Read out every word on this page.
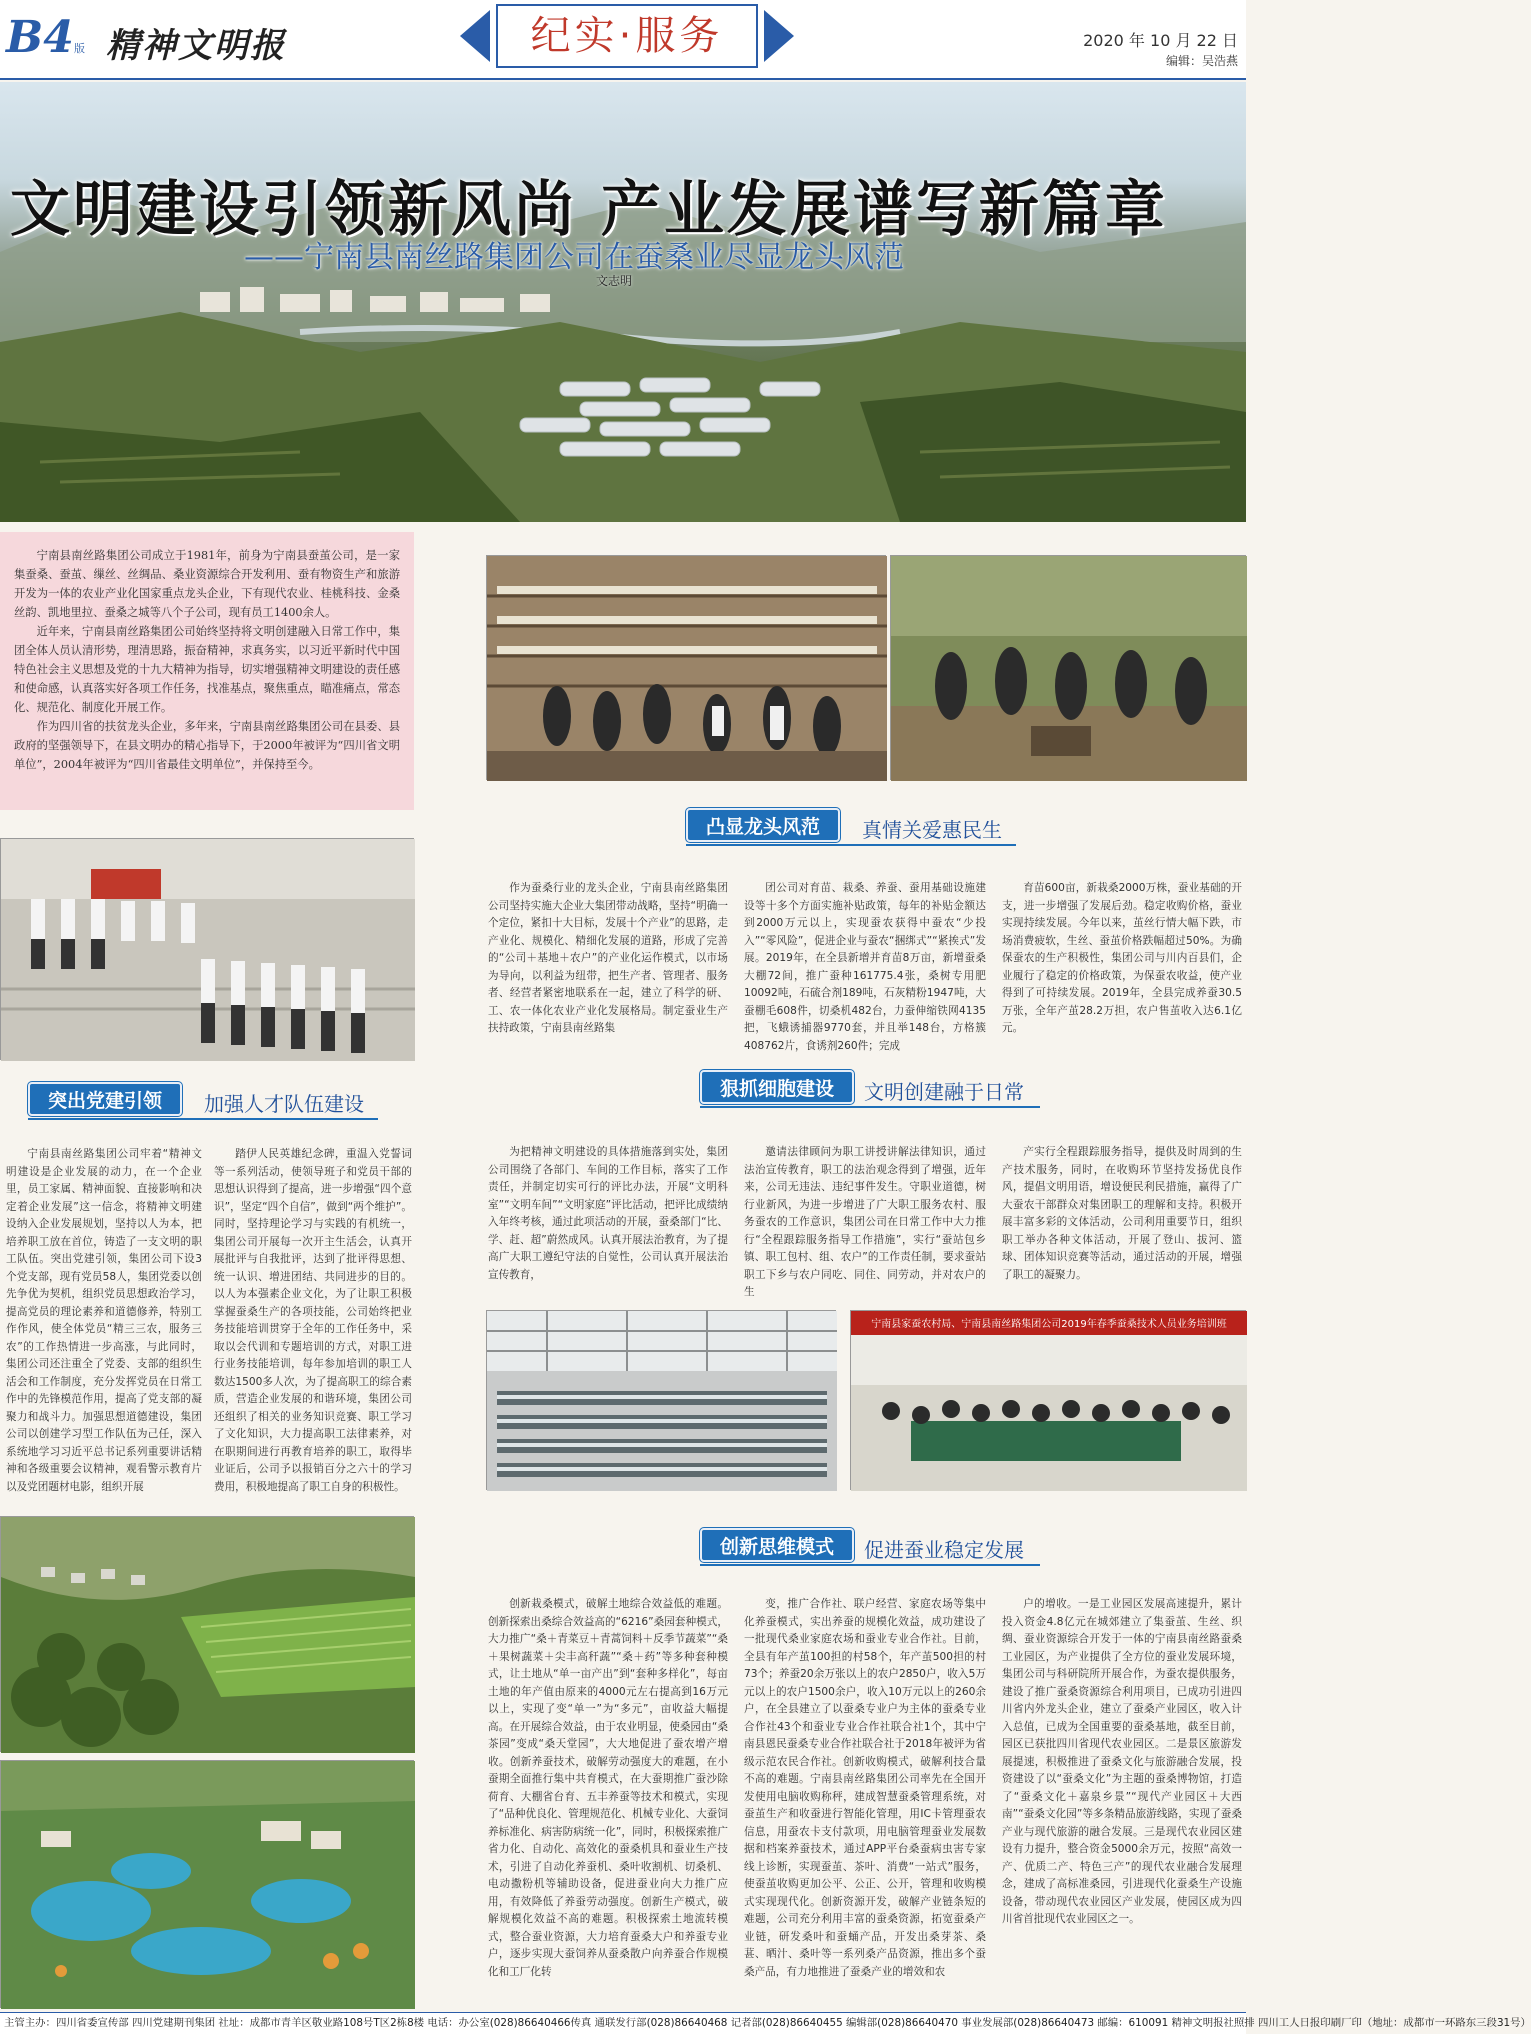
B4 版 精神文明报	纪实·服务	2020 年 10 月 22 日
编辑：吴浩燕
文明建设引领新风尚 产业发展谱写新篇章
——宁南县南丝路集团公司在蚕桑业尽显龙头风范
文志明

宁南县南丝路集团公司成立于1981年，前身为宁南县蚕茧公司，是一家集蚕桑、蚕茧、缫丝、丝绸品、桑业资源综合开发利用、蚕有物资生产和旅游开发为一体的农业产业化国家重点龙头企业，下有现代农业、桂桃科技、金桑丝韵、凯地里拉、蚕桑之城等八个子公司，现有员工1400余人。

近年来，宁南县南丝路集团公司始终坚持将文明创建融入日常工作中，集团全体人员认清形势，理清思路，振奋精神，求真务实，以习近平新时代中国特色社会主义思想及党的十九大精神为指导，切实增强精神文明建设的责任感和使命感，认真落实好各项工作任务，找准基点，聚焦重点，瞄准痛点，常态化、规范化、制度化开展工作。

作为四川省的扶贫龙头企业，多年来，宁南县南丝路集团公司在县委、县政府的坚强领导下，在县文明办的精心指导下，于2000年被评为“四川省文明单位”，2004年被评为“四川省最佳文明单位”，并保持至今。

凸显龙头风范	真情关爱惠民生

作为蚕桑行业的龙头企业，宁南县南丝路集团公司坚持实施大企业大集团带动战略，坚持“明确一个定位，紧扣十大目标，发展十个产业”的思路，走产业化、规模化、精细化发展的道路，形成了完善的“公司＋基地＋农户”的产业化运作模式，以市场为导向，以利益为纽带，把生产者、管理者、服务者、经营者紧密地联系在一起，建立了科学的研、工、农一体化农业产业化发展格局。制定蚕业生产扶持政策，宁南县南丝路集

团公司对育苗、栽桑、养蚕、蚕用基础设施建设等十多个方面实施补贴政策，每年的补贴金额达到2000万元以上，实现蚕农获得中蚕农“少投入”“零风险”，促进企业与蚕农“捆绑式”“紧挨式”发展。2019年，在全县新增并育苗8万亩，新增蚕桑大棚72间，推广蚕种161775.4张，桑树专用肥10092吨，石硫合剂189吨，石灰精粉1947吨，大蚕棚毛608件，切桑机482台，力蚕伸缩铁网4135把，飞蛾诱捕器9770套，并且举148台，方格簇408762片，食诱剂260件；完成

育苗600亩，新栽桑2000万株，蚕业基础的开支，进一步增强了发展后劲。稳定收购价格，蚕业实现持续发展。今年以来，茧丝行情大幅下跌，市场消费疲软，生丝、蚕茧价格跌幅超过50%。为确保蚕农的生产积极性，集团公司与川内百县们，企业履行了稳定的价格政策，为保蚕农收益，使产业得到了可持续发展。2019年，全县完成养蚕30.5万张，全年产茧28.2万担，农户售茧收入达6.1亿元。

突出党建引领	加强人才队伍建设

宁南县南丝路集团公司牢着“精神文明建设是企业发展的动力，在一个企业里，员工家属、精神面貌、直接影响和决定着企业发展”这一信念，将精神文明建设纳入企业发展规划，坚持以人为本，把培养职工放在首位，铸造了一支文明的职工队伍。突出党建引领，集团公司下设3个党支部，现有党员58人，集团党委以创先争优为契机，组织党员思想政治学习，提高党员的理论素养和道德修养，特别工作作风，使全体党员“精三三农，服务三农”的工作热情进一步高涨，与此同时，集团公司还注重全了党委、支部的组织生活会和工作制度，充分发挥党员在日常工作中的先锋模范作用，提高了党支部的凝聚力和战斗力。加强思想道德建设，集团公司以创建学习型工作队伍为己任，深入系统地学习习近平总书记系列重要讲话精神和各级重要会议精神，观看警示教育片以及党团题材电影，组织开展

踏伊人民英雄纪念碑，重温入党誓词等一系列活动，使领导班子和党员干部的思想认识得到了提高，进一步增强“四个意识”，坚定“四个自信”，做到“两个维护”。同时，坚持理论学习与实践的有机统一，集团公司开展每一次开主生活会，认真开展批评与自我批评，达到了批评得思想、统一认识、增进团结、共同进步的目的。以人为本强素企业文化，为了让职工积极掌握蚕桑生产的各项技能，公司始终把业务技能培训贯穿于全年的工作任务中，采取以会代训和专题培训的方式，对职工进行业务技能培训，每年参加培训的职工人数达1500多人次，为了提高职工的综合素质，营造企业发展的和谐环境，集团公司还组织了相关的业务知识竞赛、职工学习了文化知识，大力提高职工法律素养，对在职期间进行再教育培养的职工，取得毕业证后，公司予以报销百分之六十的学习费用，积极地提高了职工自身的积极性。

狠抓细胞建设	文明创建融于日常

为把精神文明建设的具体措施落到实处，集团公司围绕了各部门、车间的工作目标，落实了工作责任，并制定切实可行的评比办法，开展“文明科室”“文明车间”“文明家庭”评比活动，把评比成绩纳入年终考核，通过此项活动的开展，蚕桑部门“比、学、赶、超”蔚然成风。认真开展法治教育，为了提高广大职工遵纪守法的自觉性，公司认真开展法治宣传教育，

邀请法律顾问为职工讲授讲解法律知识，通过法治宣传教育，职工的法治观念得到了增强，近年来，公司无违法、违纪事件发生。守职业道德，树行业新风，为进一步增进了广大职工服务农村、服务蚕农的工作意识，集团公司在日常工作中大力推行“全程跟踪服务指导工作措施”，实行“蚕站包乡镇、职工包村、组、农户”的工作责任制，要求蚕站职工下乡与农户同吃、同住、同劳动，并对农户的生

产实行全程跟踪服务指导，提供及时周到的生产技术服务，同时，在收购环节坚持发扬优良作风，提倡文明用语，增设便民利民措施，赢得了广大蚕农干部群众对集团职工的理解和支持。积极开展丰富多彩的文体活动，公司利用重要节日，组织职工举办各种文体活动，开展了登山、拔河、篮球、团体知识竞赛等活动，通过活动的开展，增强了职工的凝聚力。

宁南县家蚕农村局、宁南县南丝路集团公司2019年春季蚕桑技术人员业务培训班
创新思维模式	促进蚕业稳定发展

创新栽桑模式，破解土地综合效益低的难题。创新探索出桑综合效益高的“6216”桑园套种模式，大力推广“桑＋青菜豆＋青蒿饲料＋反季节蔬菜”“桑＋果树蔬菜＋尖丰高秆蔬”“桑＋药”等多种套种模式，让土地从“单一亩产出”到“套种多样化”，每亩土地的年产值由原来的4000元左右提高到16万元以上，实现了变“单一”为“多元”，亩收益大幅提高。在开展综合效益，由于农业明显，使桑园由“桑茶园”变成“桑天堂园”，大大地促进了蚕农增产增收。创新养蚕技术，破解劳动强度大的难题，在小蚕期全面推行集中共育模式，在大蚕期推广蚕沙除荷育、大棚省台育、五丰养蚕等技术和模式，实现了“品种优良化、管理规范化、机械专业化、大蚕饲养标准化、病害防病统一化”，同时，积极探索推广省力化、自动化、高效化的蚕桑机具和蚕业生产技术，引进了自动化养蚕机、桑叶收割机、切桑机、电动撒粉机等辅助设备，促进蚕业向大力推广应用，有效降低了养蚕劳动强度。创新生产模式，破解规模化效益不高的难题。积极探索土地流转模式，整合蚕业资源，大力培育蚕桑大户和养蚕专业户，逐步实现大蚕饲养从蚕桑散户向养蚕合作规模化和工厂化转

变，推广合作社、联户经营、家庭农场等集中化养蚕模式，实出养蚕的规模化效益，成功建设了一批现代桑业家庭农场和蚕业专业合作社。目前，全县有年产茧100担的村58个，年产茧500担的村73个；养蚕20余万张以上的农户2850户，收入5万元以上的农户1500余户，收入10万元以上的260余户，在全县建立了以蚕桑专业户为主体的蚕桑专业合作社43个和蚕业专业合作社联合社1个，其中宁南县恩民蚕桑专业合作社联合社于2018年被评为省级示范农民合作社。创新收购模式，破解利技合量不高的难题。宁南县南丝路集团公司率先在全国开发使用电脑收购称秤，建成智慧蚕桑管理系统，对蚕茧生产和收蚕进行智能化管理，用IC卡管理蚕农信息，用蚕农卡支付款项，用电脑管理蚕业发展数据和档案养蚕技术，通过APP平台桑蚕病虫害专家线上诊断，实现蚕茧、茶叶、消费“一站式”服务，使蚕茧收购更加公平、公正、公开，管理和收购模式实现现代化。创新资源开发，破解产业链条短的难题，公司充分利用丰富的蚕桑资源，拓宽蚕桑产业链，研发桑叶和蚕蛹产品，开发出桑芽茶、桑葚、晒汁、桑叶等一系列桑产品资源，推出多个蚕桑产品，有力地推进了蚕桑产业的增效和农

户的增收。一是工业园区发展高速提升，累计投入资金4.8亿元在城郊建立了集蚕茧、生丝、织绸、蚕业资源综合开发于一体的宁南县南丝路蚕桑工业园区，为产业提供了全方位的蚕业发展环境，集团公司与科研院所开展合作，为蚕农提供服务，建设了推广蚕桑资源综合利用项目，已成功引进四川省内外龙头企业，建立了蚕桑产业园区，收入计入总值，已成为全国重要的蚕桑基地，截至目前，园区已获批四川省现代农业园区。二是景区旅游发展提速，积极推进了蚕桑文化与旅游融合发展，投资建设了以“蚕桑文化”为主题的蚕桑博物馆，打造了“蚕桑文化＋嘉泉乡景”“现代产业园区＋大西南”“蚕桑文化园”等多条精品旅游线路，实现了蚕桑产业与现代旅游的融合发展。三是现代农业园区建设有力提升，整合资金5000余万元，按照“高效一产、优质二产、特色三产”的现代农业融合发展理念，建成了高标准桑园，引进现代化蚕桑生产设施设备，带动现代农业园区产业发展，使园区成为四川省首批现代农业园区之一。

主管主办：四川省委宣传部 四川党建期刊集团 社址：成都市青羊区敬业路108号T区2栋8楼 电话：办公室(028)86640466传真 通联发行部(028)86640468 记者部(028)86640455 编辑部(028)86640470 事业发展部(028)86640473 邮编：610091 精神文明报社照排 四川工人日报印刷厂印（地址：成都市一环路东三段31号）
